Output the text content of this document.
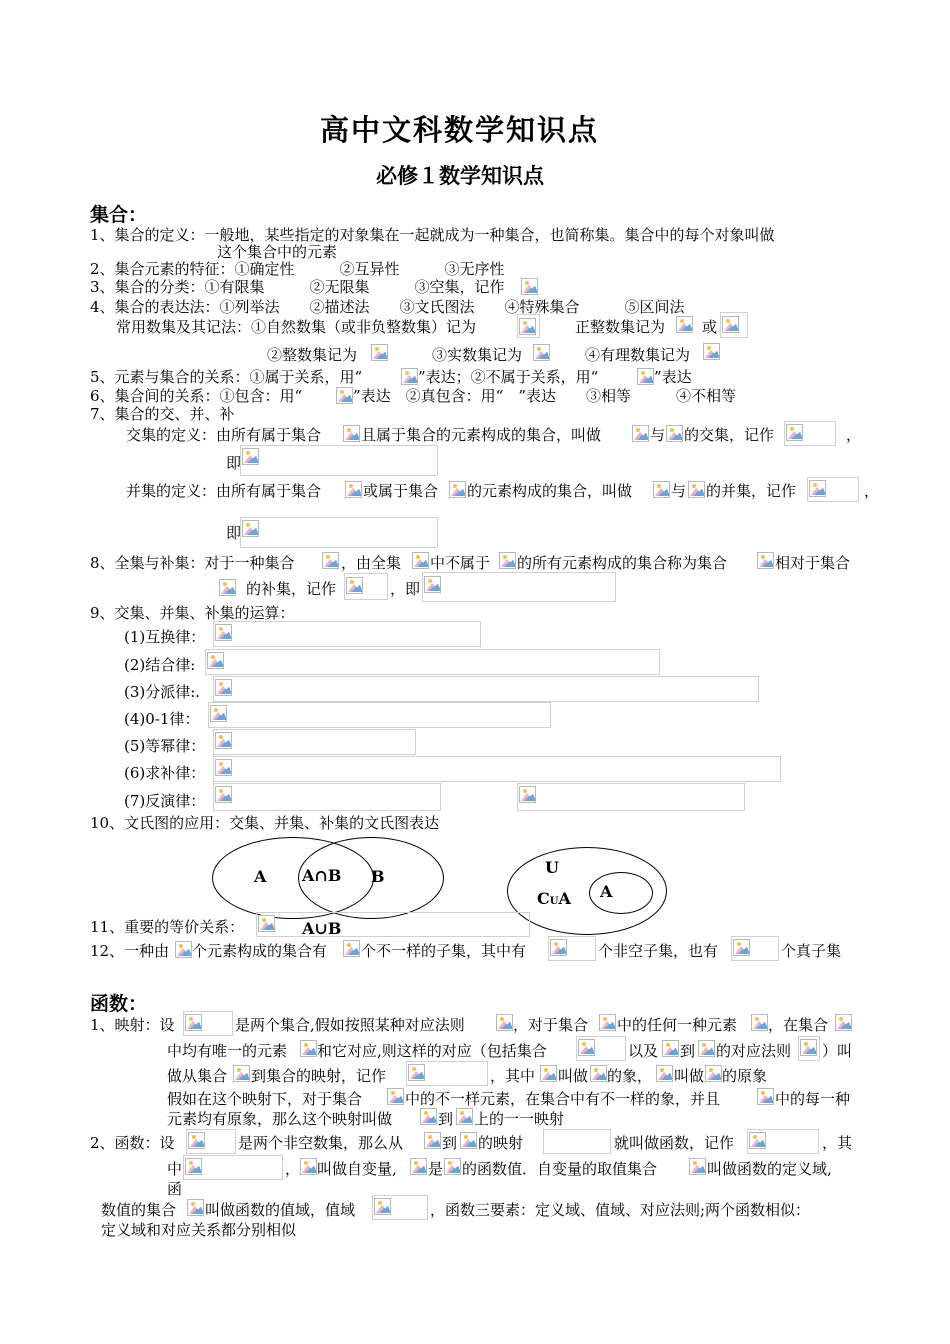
高中文科数学知识点
必修１数学知识点
集合：
1、集合的定义：一般地，某些指定的对象集在一起就成为一种集合，也简称集。集合中的每个对象叫做
这个集合中的元素
2、集合元素的特征：①确定性　　　②互异性　　　③无序性
3、集合的分类：①有限集　　　②无限集　　　③空集，记作
4、集合的表达法：①列举法　　②描述法　　③文氏图法　　④特殊集合　　　⑤区间法
常用数集及其记法：①自然数集（或非负整数集）记为	正整数集记为 或
②整数集记为	③实数集记为	④有理数集记为
5、元素与集合的关系：①属于关系，用“	”表达；②不属于关系，用“	”表达
6、集合间的关系：①包含：用“	”表达　②真包含：用“　”表达　　③相等　　　④不相等
7、集合的交、并、补
交集的定义：由所有属于集合	且属于集合的元素构成的集合，叫做	与 的交集，记作	，
即
并集的定义：由所有属于集合	或属于集合 的元素构成的集合，叫做	与 的并集，记作	，
即
8、全集与补集：对于一种集合	，由全集 中不属于 的所有元素构成的集合称为集合	相对于集合
的补集，记作	，即
9、交集、并集、补集的运算：
(1)互换律：
(2)结合律:
(3)分派律:.
(4)0-1律：
(5)等幂律：
(6)求补律：
(7)反演律：
10、文氏图的应用：交集、并集、补集的文氏图表达
A A∩B B
A∪B
U
CUA A
11、重要的等价关系：
12、一种由 个元素构成的集合有 个不一样的子集，其中有	个非空子集，也有	个真子集
函数：
1、映射：设	是两个集合,假如按照某种对应法则	，对于集合 中的任何一种元素 ，在集合
中均有唯一的元素 和它对应,则这样的对应（包括集合	以及 到 的对应法则 ）叫
做从集合 到集合的映射，记作	，其中 叫做 的象， 叫做 的原象
假如在这个映射下，对于集合	中的不一样元素，在集合中有不一样的象，并且	中的每一种
元素均有原象，那么这个映射叫做	到 上的一一映射
2、函数：设	是两个非空数集，那么从	到 的映射	就叫做函数，记作	，其
中	， 叫做自变量, 是 的函数值．自变量的取值集合	叫做函数的定义域,
函
数值的集合 叫做函数的值域，值域	，函数三要素：定义域、值域、对应法则;两个函数相似：
定义域和对应关系都分别相似
